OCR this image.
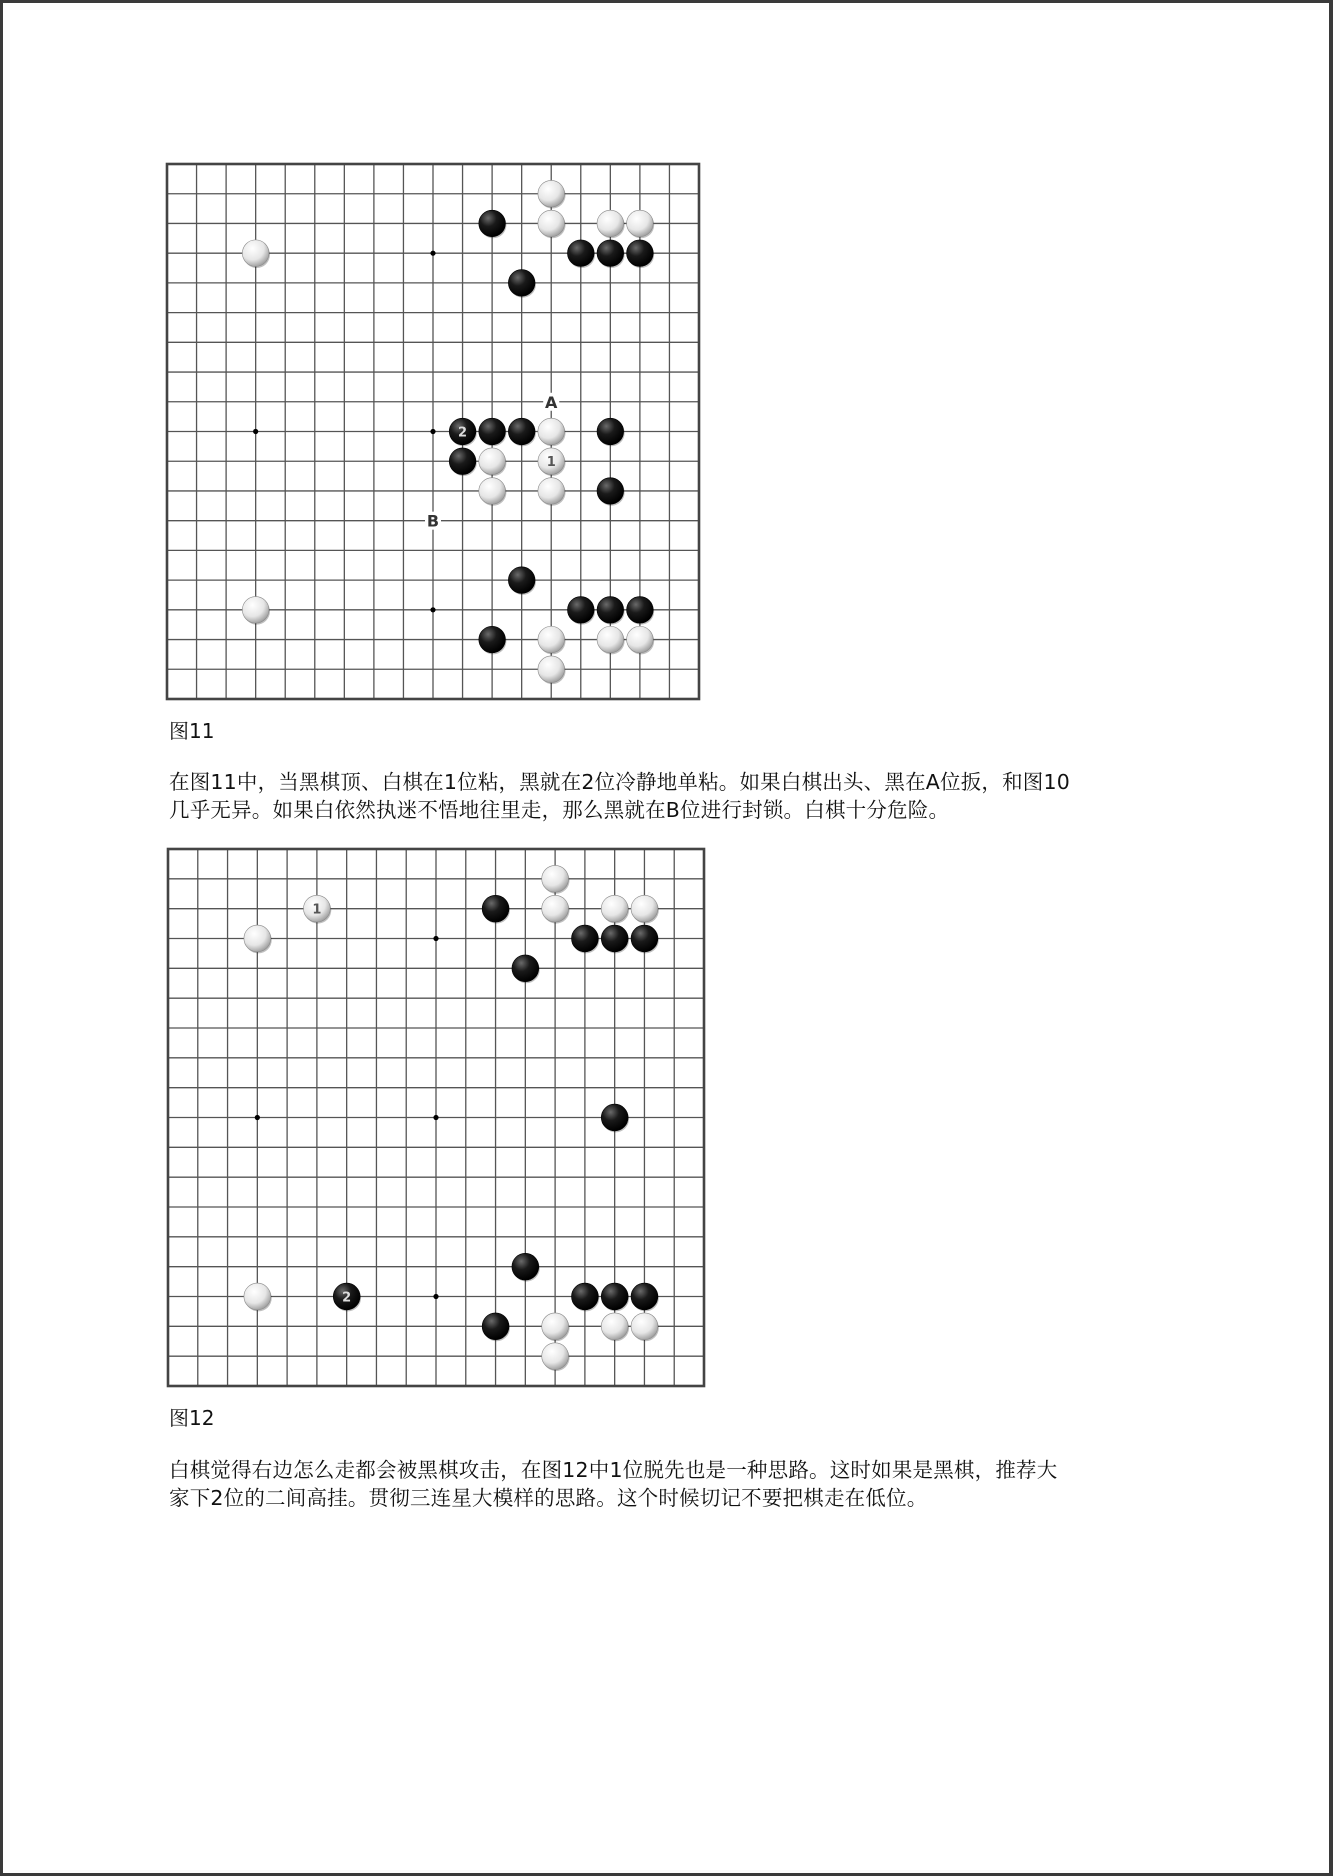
A
B
2
1
图11
在图11中，当黑棋顶、白棋在1位粘，黑就在2位冷静地单粘。如果白棋出头、黑在A位扳，和图10
几乎无异。如果白依然执迷不悟地往里走，那么黑就在B位进行封锁。白棋十分危险。
1
2
图12
白棋觉得右边怎么走都会被黑棋攻击，在图12中1位脱先也是一种思路。这时如果是黑棋，推荐大
家下2位的二间高挂。贯彻三连星大模样的思路。这个时候切记不要把棋走在低位。
